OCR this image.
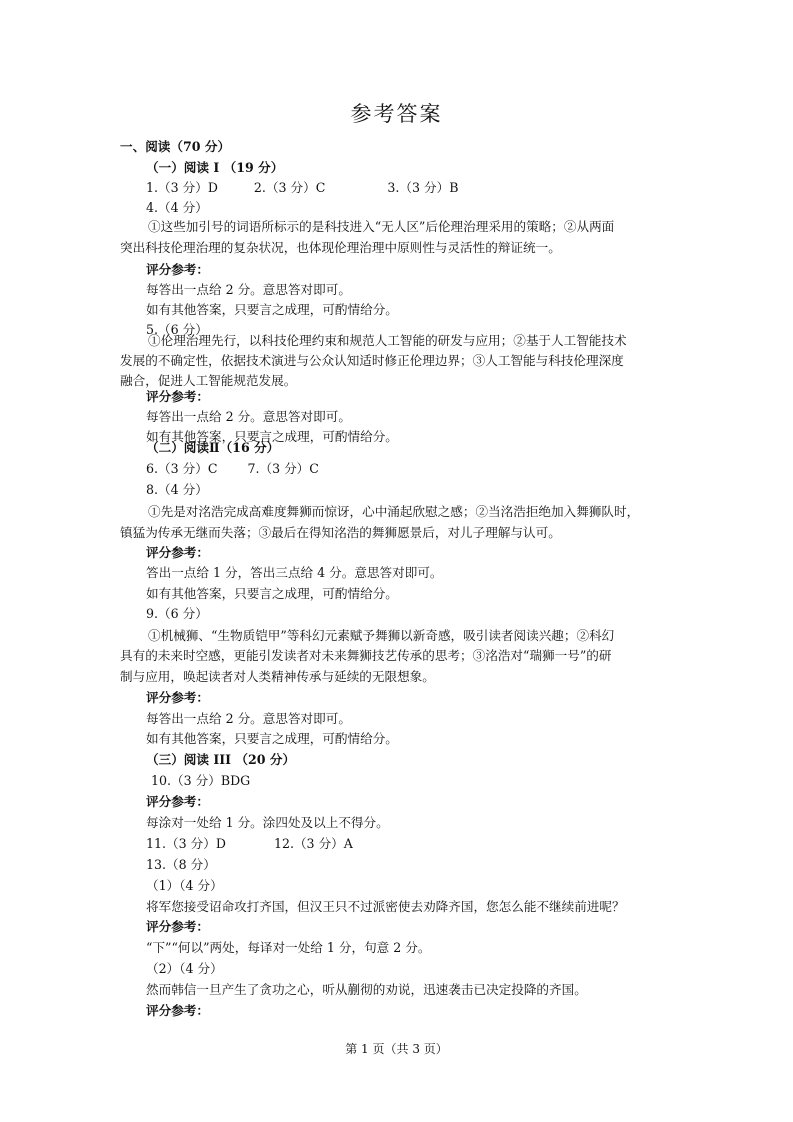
参考答案
一、阅读（70 分）
（一）阅读 I （19 分）
1.（3 分）D	2.（3 分）C	3.（3 分）B
4.（4 分）
①这些加引号的词语所标示的是科技进入“无人区”后伦理治理采用的策略；②从两面
突出科技伦理治理的复杂状况，也体现伦理治理中原则性与灵活性的辩证统一。
评分参考：
每答出一点给 2 分。意思答对即可。
如有其他答案，只要言之成理，可酌情给分。
5.（6 分）
①伦理治理先行，以科技伦理约束和规范人工智能的研发与应用；②基于人工智能技术
发展的不确定性，依据技术演进与公众认知适时修正伦理边界；③人工智能与科技伦理深度
融合，促进人工智能规范发展。
评分参考：
每答出一点给 2 分。意思答对即可。
如有其他答案，只要言之成理，可酌情给分。
（二）阅读Ⅱ（16 分）
6.（3 分）C 7.（3 分）C
8.（4 分）
①先是对洺浩完成高难度舞狮而惊讶，心中涌起欣慰之感；②当洺浩拒绝加入舞狮队时，
镇猛为传承无继而失落；③最后在得知洺浩的舞狮愿景后，对儿子理解与认可。
评分参考：
答出一点给 1 分，答出三点给 4 分。意思答对即可。
如有其他答案，只要言之成理，可酌情给分。
9.（6 分）
①机械狮、“生物质铠甲”等科幻元素赋予舞狮以新奇感，吸引读者阅读兴趣；②科幻
具有的未来时空感，更能引发读者对未来舞狮技艺传承的思考；③洺浩对“瑞狮一号”的研
制与应用，唤起读者对人类精神传承与延续的无限想象。
评分参考：
每答出一点给 2 分。意思答对即可。
如有其他答案，只要言之成理，可酌情给分。
（三）阅读 III （20 分）
10.（3 分）BDG
评分参考：
每涂对一处给 1 分。涂四处及以上不得分。
11.（3 分）D	12.（3 分）A
13.（8 分）
（1）（4 分）
将军您接受诏命攻打齐国，但汉王只不过派密使去劝降齐国，您怎么能不继续前进呢？
评分参考：
“下”“何以”两处，每译对一处给 1 分，句意 2 分。
（2）（4 分）
然而韩信一旦产生了贪功之心，听从蒯彻的劝说，迅速袭击已决定投降的齐国。
评分参考：
第 1 页（共 3 页）
